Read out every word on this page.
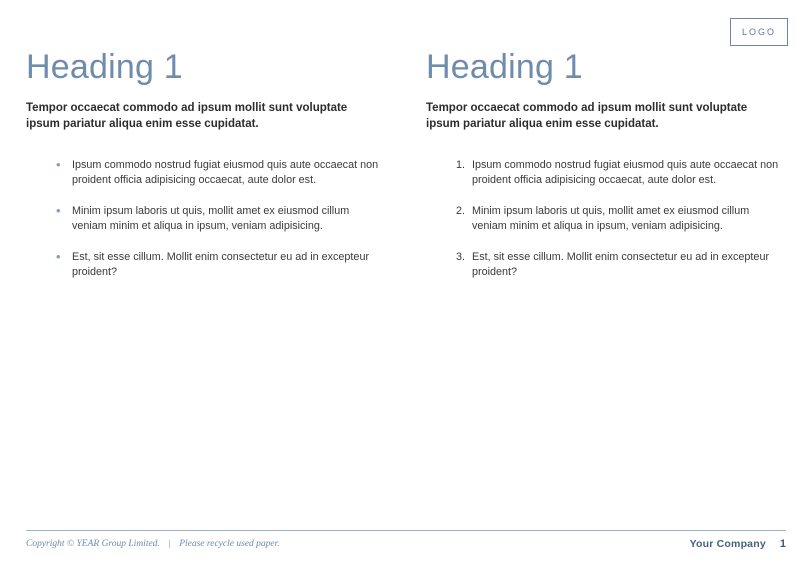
LOGO
Heading 1

Tempor occaecat commodo ad ipsum mollit sunt voluptate ipsum pariatur aliqua enim esse cupidatat.

• Ipsum commodo nostrud fugiat eiusmod quis aute occaecat non proident officia adipisicing occaecat, aute dolor est.
• Minim ipsum laboris ut quis, mollit amet ex eiusmod cillum veniam minim et aliqua in ipsum, veniam adipisicing.
• Est, sit esse cillum. Mollit enim consectetur eu ad in excepteur proident?
Heading 1

Tempor occaecat commodo ad ipsum mollit sunt voluptate ipsum pariatur aliqua enim esse cupidatat.

Ipsum commodo nostrud fugiat eiusmod quis aute occaecat non proident officia adipisicing occaecat, aute dolor est.
Minim ipsum laboris ut quis, mollit amet ex eiusmod cillum veniam minim et aliqua in ipsum, veniam adipisicing.
Est, sit esse cillum. Mollit enim consectetur eu ad in excepteur proident?
Copyright © YEAR Group Limited. | Please recycle used paper.	Your Company 1
